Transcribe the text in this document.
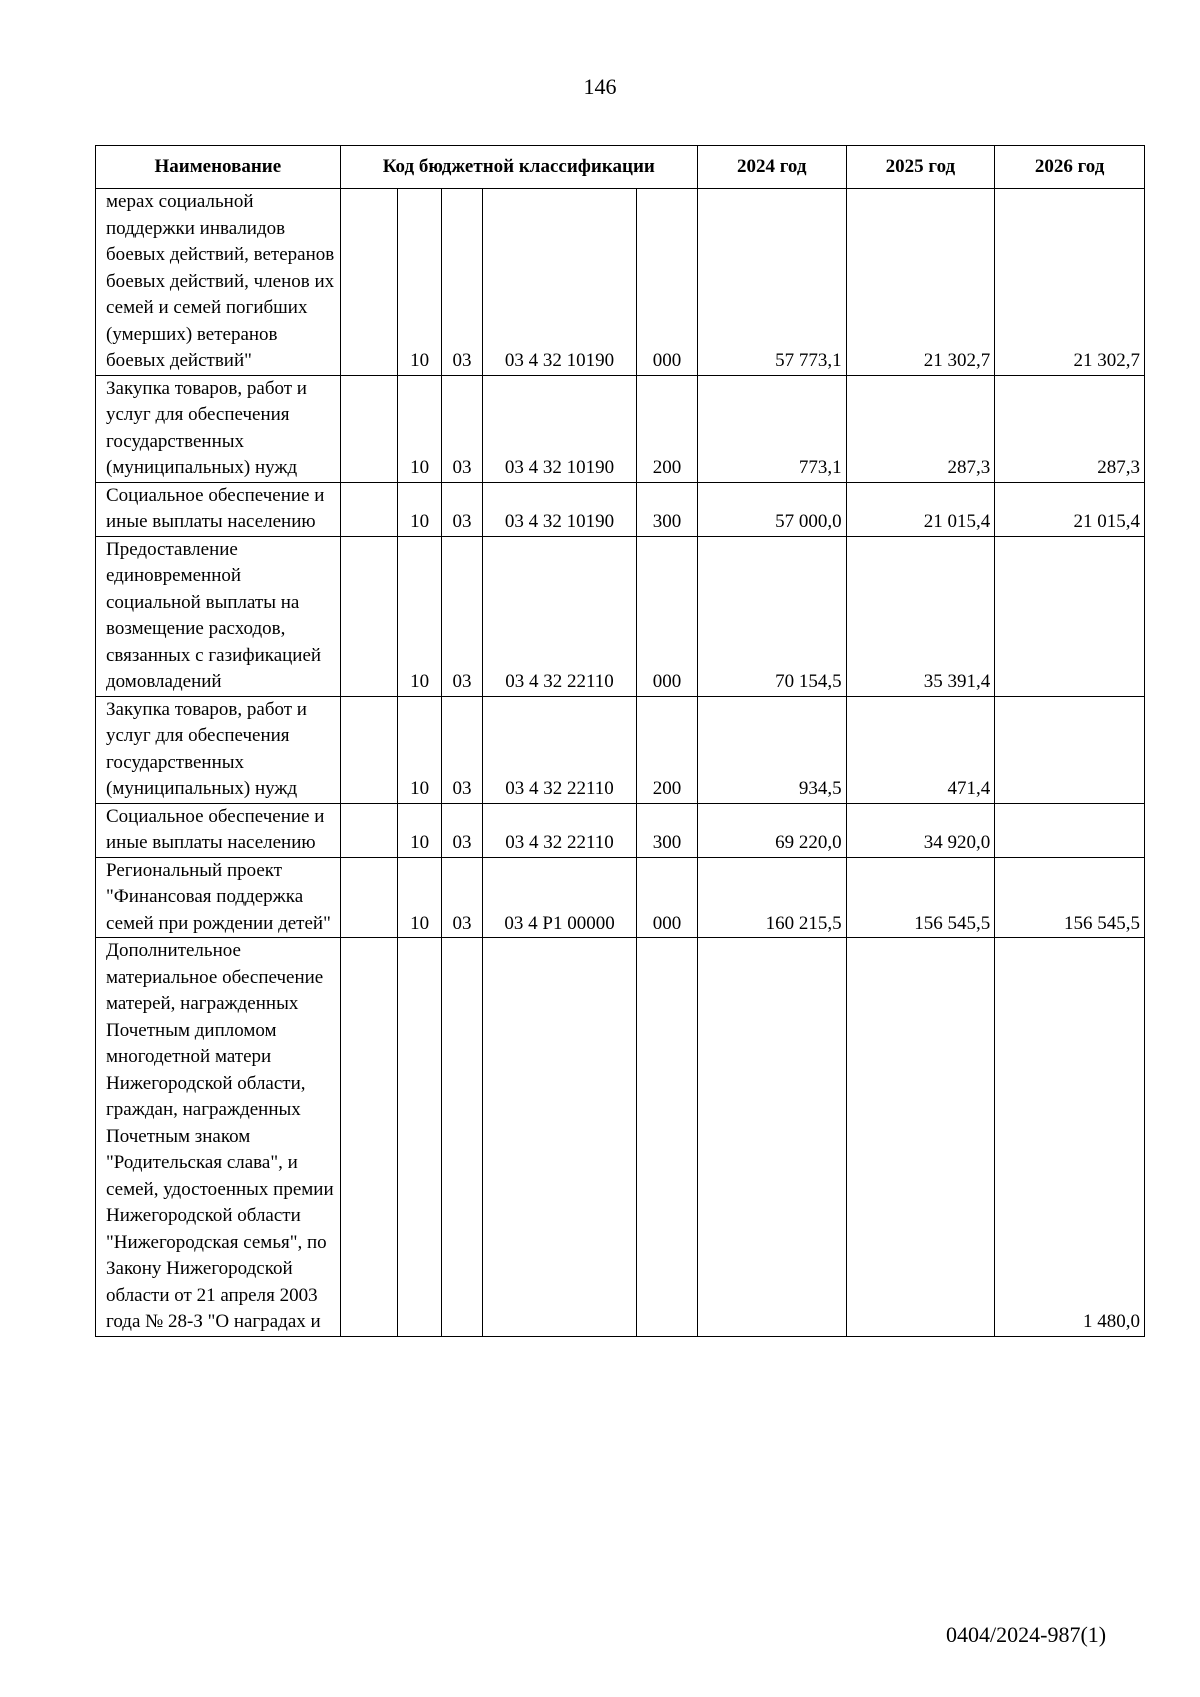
146
Наименование	Код бюджетной классификации					2024 год	2025 год	2026 год
мерах социальной поддержки инвалидов боевых действий, ветеранов боевых действий, членов их семей и семей погибших (умерших) ветеранов боевых действий"		10	03	03 4 32 10190	000	57 773,1	21 302,7	21 302,7
Закупка товаров, работ и услуг для обеспечения государственных (муниципальных) нужд		10	03	03 4 32 10190	200	773,1	287,3	287,3
Социальное обеспечение и иные выплаты населению		10	03	03 4 32 10190	300	57 000,0	21 015,4	21 015,4
Предоставление единовременной социальной выплаты на возмещение расходов, связанных с газификацией домовладений		10	03	03 4 32 22110	000	70 154,5	35 391,4	
Закупка товаров, работ и услуг для обеспечения государственных (муниципальных) нужд		10	03	03 4 32 22110	200	934,5	471,4	
Социальное обеспечение и иные выплаты населению		10	03	03 4 32 22110	300	69 220,0	34 920,0	
Региональный проект "Финансовая поддержка семей при рождении детей"		10	03	03 4 P1 00000	000	160 215,5	156 545,5	156 545,5
Дополнительное материальное обеспечение матерей, награжденных Почетным дипломом многодетной матери Нижегородской области, граждан, награжденных Почетным знаком "Родительская слава", и семей, удостоенных премии Нижегородской области "Нижегородская семья", по Закону Нижегородской области от 21 апреля 2003 года № 28-З "О наградах и								1 480,0
0404/2024-987(1)
